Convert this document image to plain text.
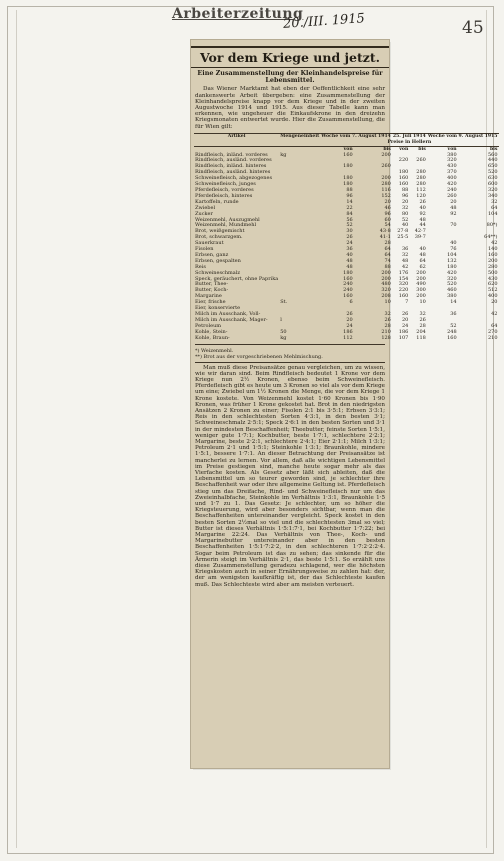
Arbeiterzeitung
20./III. 1915	45
Vor dem Kriege und jetzt.
Eine Zusammenstellung der Kleinhandelspreise für Lebensmittel.
Das Wiener Marktamt hat eben der Oeffentlichkeit eine sehr dankenswerte Arbeit übergeben: eine Zusammenstellung der Kleinhandelspreise knapp vor dem Kriege und in der zweiten Augustwoche 1914 und 1915. Aus dieser Tabelle kann man erkennen, wie ungeheuer die Einkaufskrone in den dreizehn Kriegsmonaten entwertet wurde. Hier die Zusammenstellung, die für Wien gilt:
Artikel	Mengeneinheit	Woche vom 7. August 1914		25. Juli 1914		Woche vom 9. August 1915	
		Preise in Hellern					
		von	bis	von	bis	von	bis
Rindfleisch, inländ. vorderes	kg	160	200			380	560
Rindfleisch, ausländ. vorderes				220	260	320	440
Rindfleisch, inländ. hinteres		180	260			430	650
Rindfleisch, ausländ. hinteres				180	280	370	520
Schweinefleisch, abgezogenes		180	200	160	280	400	630
Schweinefleisch, junges		180	280	160	280	420	600
Pferdefleisch, vorderes		88	116	88	112	240	320
Pferdefleisch, hinteres		96	152	96	120	260	340
Kartoffeln, runde		14	20	20	26	20	32
Zwiebel		22	46	32	40	48	64
Zucker		84	96	80	92	92	104
Weizenmehl, Auszugmehl		56	60	52	48		
Weizenmehl, Mundmehl		52	54	40	44	70	80*)
Brot, weißgemischt		30	43·8	27·8	42·7		
Brot, schwarzgem.		26	41·1	25·5	39·7		64**)
Sauerkraut		24	28			40	42
Fisolen		36	64	36	40	76	140
Erbsen, ganz		40	64	32	48	104	160
Erbsen, gespalten		48	74	48	64	132	200
Reis		48	88	42	62	180	280
Schweineschmalz		180	200	176	200	420	500
Speck, geräuchert, ohne Paprika		160	200	154	200	320	430
Butter, Thee-		240	480	320	490	520	620
Butter, Koch-		240	320	220	300	460	512
Margarine		160	208	160	200	380	400
Eier, frische	St.	6	10	7	10	14	20
Eier, konservierte							
Milch im Ausschank, Voll-		26	32	26	32	36	42
Milch im Ausschank, Mager-	l	20	26	20	26		
Petroleum		24	28	24	28	52	64
Kohle, Stein-	50	186	210	186	204	248	270
Kohle, Braun-	kg	112	128	107	118	160	210
*) Weizenmehl.
**) Brot aus der vorgeschriebenen Mehlmischung.
Man muß diese Preisansätze genau vergleichen, um zu wissen, wie wir daran sind. Beim Rindfleisch bedeutet 1 Krone vor dem Kriege nun 2½ Kronen, ebenso beim Schweinefleisch. Pferdefleisch gibt es heute um 3 Kronen so viel als vor dem Kriege um eine; Zwiebel um 1½ Kronen die Menge, die vor dem Kriege 1 Krone kostete. Von Weizenmehl kostet 1·60 Kronen bis 1·90 Kronen, was früher 1 Krone gekostet hat. Brot in den niedrigsten Ansätzen 2 Kronen zu einer; Fisolen 2:1 bis 3·5:1; Erbsen 3·3:1; Reis in den schlechtesten Sorten 4·3:1, in den besten 3·1; Schweineschmalz 2·5:1; Speck 2·6:1 in den besten Sorten und 3·1 in der mindesten Beschaffenheit; Theebutter, feinste Sorten 1·5:1, weniger gute 1·7:1; Kochbutter, beste 1·7:1, schlechtere 2·2:1; Margarine, beste 2·2:1, schlechtere 2·4:1; Eier 2·1:1; Milch 1·3:1; Petroleum 2·1 und 1·5:1; Steinkohle 1·3:1; Braunkohle, mindere 1·5:1, bessere 1·7:1. An dieser Betrachtung der Preisansätze ist mancherlei zu lernen. Vor allem, daß alle wichtigen Lebensmittel im Preise gestiegen sind, manche heute sogar mehr als das Vierfache kosten. Als Gesetz aber läßt sich ableiten, daß die Lebensmittel um so teurer geworden sind, je schlechter ihre Beschaffenheit war oder ihre allgemeine Geltung ist. Pferdefleisch stieg um das Dreifache, Rind- und Schweinefleisch nur um das Zweieinhalbfache, Steinkohle im Verhältnis 1·3:1, Braunkohle 1·5 und 1·7 zu 1. Das Gesetz: Je schlechter, um so höher die Kriegsteuerung, wird aber besonders sichtbar, wenn man die Beschaffenheiten untereinander vergleicht. Speck kostet in den besten Sorten 2½mal so viel und die schlechtesten 3mal so viel; Butter ist dieses Verhältnis 1·5:1:7·1, bei Kochbutter 1·7:22; bei Margarine 22:24. Das Verhältnis von Thee-, Koch- und Margarinebutter untereinander aber in den besten Beschaffenheiten 1·5:1·7:2·2, in den schlechteren 1·7:2·2:2·4. Sogar beim Petroleum ist das zu sehen; das sinkende für die Ärmerin steigt im Verhältnis 2·1, das beste 1·5:1. So erzählt uns diese Zusammenstellung geradezu schlagend, wer die höchsten Kriegskosten auch in seiner Ernährungsweise zu zahlen hat: der, der am wenigsten kaufkräftig ist, der das Schlechteste kaufen muß. Das Schlechteste wird aber am meisten verteuert.
